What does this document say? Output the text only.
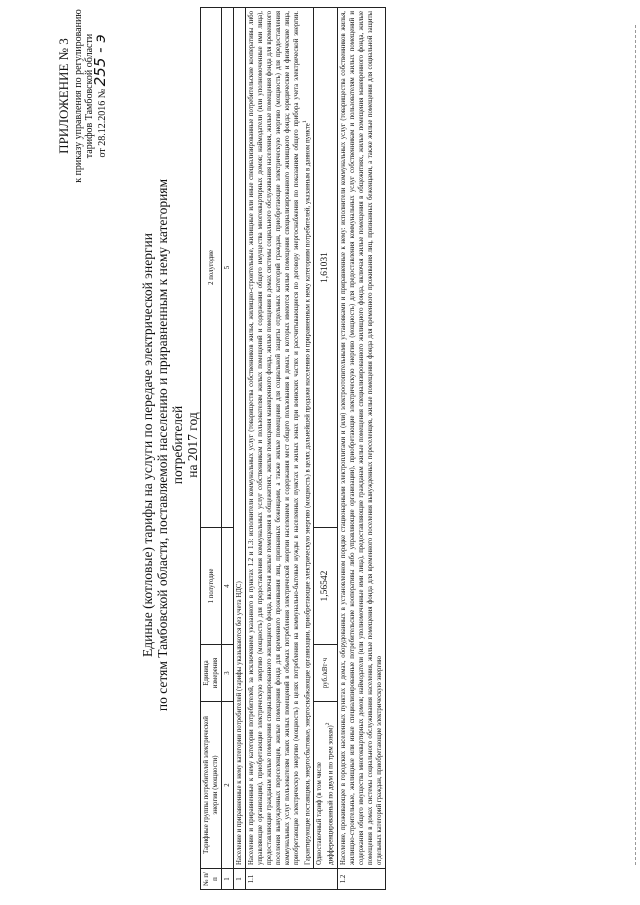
ПРИЛОЖЕНИЕ № 3 к приказу управления по регулированию тарифов Тамбовской области от 28.12.2016 № 255 - э
Единые (котловые) тарифы на услуги по передаче электрической энергии по сетям Тамбовской области, поставляемой населению и приравненным к нему категориям потребителей на 2017 год
№ п/п	Тарифные группы потребителей электрической энергии (мощности)	Единица измерения	1 полугодие	2 полугодие
1	2	3	4	5
1	Население и приравненные к нему категории потребителей (тарифы указываются без учета НДС)			
1.1	Население и приравненные к нему категории потребителей, за исключением указанного в пунктах 1.2 и 1.3: исполнители коммунальных услуг (товарищества собственников жилья, жилищно-строительные, жилищные или иные специализированные потребительские кооперативы либо управляющие организации), приобретающие электрическую энергию (мощность) для предоставления коммунальных услуг собственникам и пользователям жилых помещений и содержания общего имущества многоквартирных домов; наймодатели (или уполномоченные ими лица), предоставляющие гражданам жилые помещения специализированного жилищного фонда, включая жилые помещения в общежитиях, жилые помещения маневренного фонда, жилые помещения в домах системы социального обслуживания населения, жилые помещения фонда для временного поселения вынужденных переселенцев, жилые помещения фонда для временного проживания лиц, признанных беженцами, а также жилые помещения для социальной защиты отдельных категорий граждан, приобретающие электрическую энергию (мощность) для предоставления коммунальных услуг пользователям таких жилых помещений в объемах потребления электрической энергии населением и содержания мест общего пользования в домах, в которых имеются жилые помещения специализированного жилищного фонда; юридические и физические лица, приобретающие электрическую энергию (мощность) в целях потребления на коммунально-бытовые нужды в населенных пунктах и жилых зонах при воинских частях и рассчитывающиеся по договору энергоснабжения по показаниям общего прибора учета электрической энергии. Гарантирующие поставщики, энергосбытовые, энергоснабжающие организации, приобретающие электрическую энергию (мощность) в целях дальнейшей продажи населению и приравненным к нему категориям потребителей, указанным в данном пункте$^1$
	Одноставочный тариф (в том числе дифференцированный по двум и по трем зонам)$^2$	руб./кВт·ч	1,56542	1,61031
1.2	Население, проживающее в городских населенных пунктах в домах, оборудованных в установленном порядке стационарными электроплитами и (или) электроотопительными установками и приравненные к нему: исполнители коммунальных услуг (товарищества собственников жилья, жилищно-строительные, жилищные или иные специализированные потребительские кооперативы либо управляющие организации), приобретающие электрическую энергию (мощность) для предоставления коммунальных услуг собственникам и пользователям жилых помещений и содержания общего имущества многоквартирных домов; наймодатели (или уполномоченные ими лица), предоставляющие гражданам жилые помещения специализированного жилищного фонда, включая жилые помещения в общежитиях, жилые помещения маневренного фонда, жилые помещения в домах системы социального обслуживания населения, жилые помещения фонда для временного поселения вынужденных переселенцев, жилые помещения фонда для временного проживания лиц, признанных беженцами, а также жилые помещения для социальной защиты отдельных категорий граждан, приобретающие электрическую энергию			
